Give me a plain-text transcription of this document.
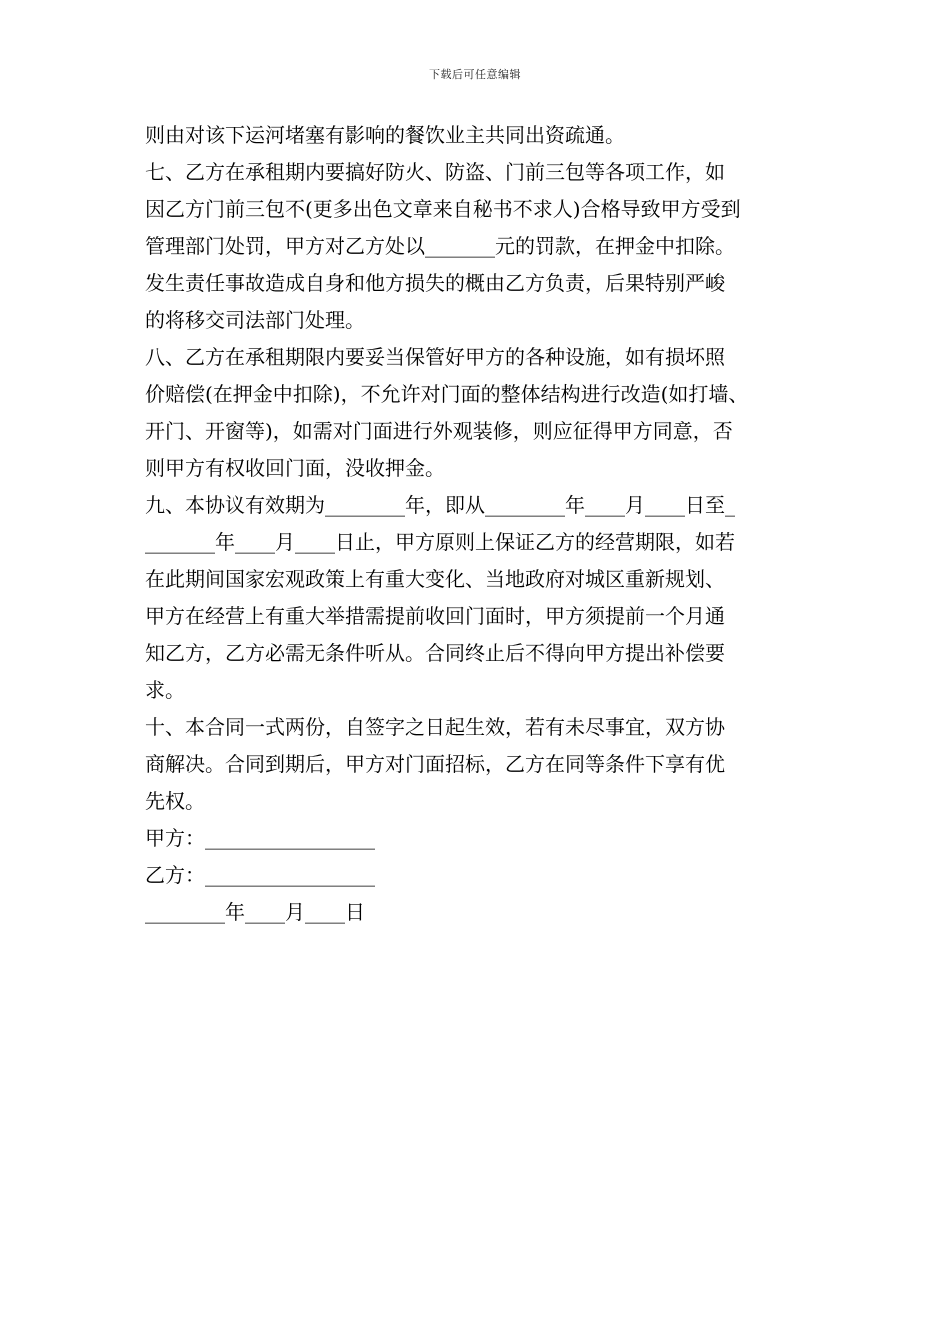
下载后可任意编辑
则由对该下运河堵塞有影响的餐饮业主共同出资疏通。
七、乙方在承租期内要搞好防火、防盗、门前三包等各项工作，如
因乙方门前三包不(更多出色文章来自秘书不求人)合格导致甲方受到
管理部门处罚，甲方对乙方处以_______元的罚款，在押金中扣除。
发生责任事故造成自身和他方损失的概由乙方负责，后果特别严峻
的将移交司法部门处理。
八、乙方在承租期限内要妥当保管好甲方的各种设施，如有损坏照
价赔偿(在押金中扣除)，不允许对门面的整体结构进行改造(如打墙、
开门、开窗等)，如需对门面进行外观装修，则应征得甲方同意，否
则甲方有权收回门面，没收押金。
九、本协议有效期为________年，即从________年____月____日至_
_______年____月____日止，甲方原则上保证乙方的经营期限，如若
在此期间国家宏观政策上有重大变化、当地政府对城区重新规划、
甲方在经营上有重大举措需提前收回门面时，甲方须提前一个月通
知乙方，乙方必需无条件听从。合同终止后不得向甲方提出补偿要
求。
十、本合同一式两份，自签字之日起生效，若有未尽事宜，双方协
商解决。合同到期后，甲方对门面招标，乙方在同等条件下享有优
先权。
甲方：_________________
乙方：_________________
________年____月____日
